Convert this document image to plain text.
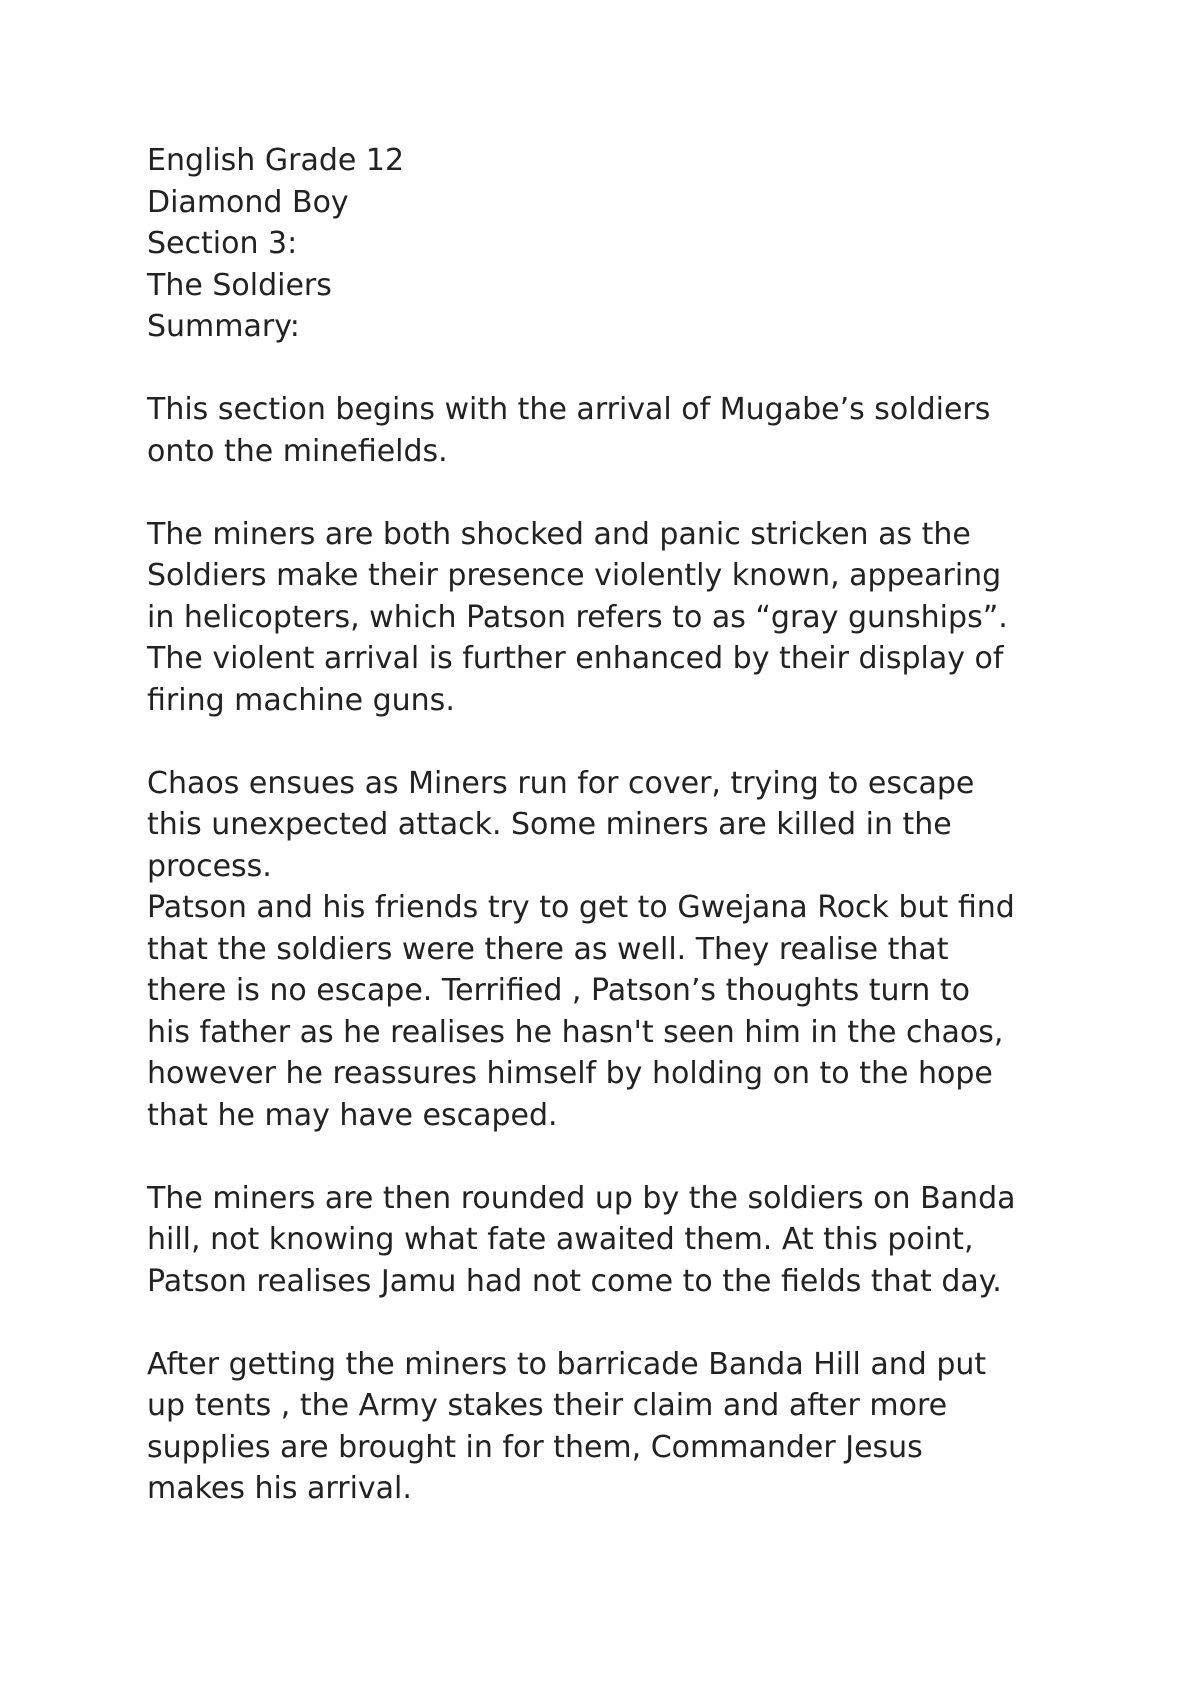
English Grade 12
Diamond Boy
Section 3:
The Soldiers
Summary:
This section begins with the arrival of Mugabe’s soldiers
onto the minefields.
The miners are both shocked and panic stricken as the
Soldiers make their presence violently known, appearing
in helicopters, which Patson refers to as “gray gunships”.
The violent arrival is further enhanced by their display of
firing machine guns.
Chaos ensues as Miners run for cover, trying to escape
this unexpected attack. Some miners are killed in the
process.
Patson and his friends try to get to Gwejana Rock but find
that the soldiers were there as well. They realise that
there is no escape. Terrified , Patson’s thoughts turn to
his father as he realises he hasn't seen him in the chaos,
however he reassures himself by holding on to the hope
that he may have escaped.
The miners are then rounded up by the soldiers on Banda
hill, not knowing what fate awaited them. At this point,
Patson realises Jamu had not come to the fields that day.
After getting the miners to barricade Banda Hill and put
up tents , the Army stakes their claim and after more
supplies are brought in for them, Commander Jesus
makes his arrival.
